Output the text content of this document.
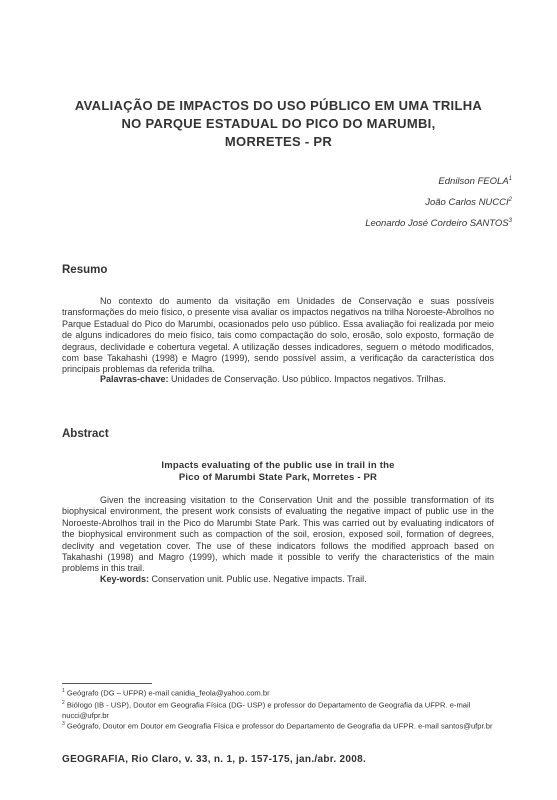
AVALIAÇÃO DE IMPACTOS DO USO PÚBLICO EM UMA TRILHA
NO PARQUE ESTADUAL DO PICO DO MARUMBI,
MORRETES - PR
Ednilson FEOLA$^1$
João Carlos NUCCI$^2$
Leonardo José Cordeiro SANTOS$^3$
Resumo
No contexto do aumento da visitação em Unidades de Conservação e suas possíveis transformações do meio físico, o presente visa avaliar os impactos negativos na trilha Noroeste-Abrolhos no Parque Estadual do Pico do Marumbi, ocasionados pelo uso público. Essa avaliação foi realizada por meio de alguns indicadores do meio físico, tais como compactação do solo, erosão, solo exposto, formação de degraus, declividade e cobertura vegetal. A utilização desses indicadores, seguem o método modificados, com base Takahashi (1998) e Magro (1999), sendo possível assim, a verificação da característica dos principais problemas da referida trilha.
Palavras-chave: Unidades de Conservação. Uso público. Impactos negativos. Trilhas.
Abstract
Impacts evaluating of the public use in trail in the
Pico of Marumbi State Park, Morretes - PR
Given the increasing visitation to the Conservation Unit and the possible transformation of its biophysical environment, the present work consists of evaluating the negative impact of public use in the Noroeste-Abrolhos trail in the Pico do Marumbi State Park. This was carried out by evaluating indicators of the biophysical environment such as compaction of the soil, erosion, exposed soil, formation of degrees, declivity and vegetation cover. The use of these indicators follows the modified approach based on Takahashi (1998) and Magro (1999), which made it possible to verify the characteristics of the main problems in this trail.
Key-words: Conservation unit. Public use. Negative impacts. Trail.
$^1$ Geógrafo (DG – UFPR) e-mail canidia_feola@yahoo.com.br
$^2$ Biólogo (IB - USP), Doutor em Geografia Física (DG- USP) e professor do Departamento de Geografia da UFPR. e-mail nucci@ufpr.br
$^3$ Geógrafo, Doutor em Doutor em Geografia Física e professor do Departamento de Geografia da UFPR. e-mail santos@ufpr.br
GEOGRAFIA, Rio Claro, v. 33, n. 1, p. 157-175, jan./abr. 2008.
